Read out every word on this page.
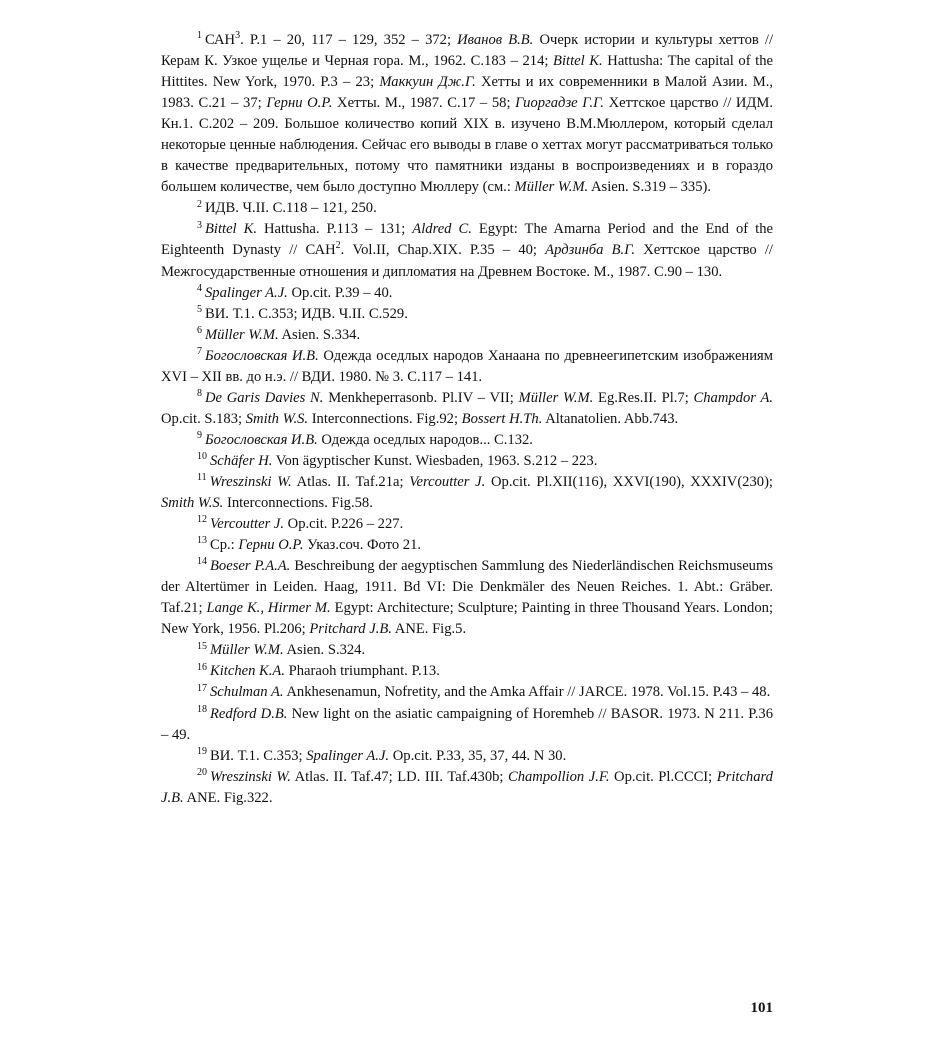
$^1$ САН$^3$. P.1 – 20, 117 – 129, 352 – 372; Иванов В.В. Очерк истории и культуры хеттов // Керам К. Узкое ущелье и Черная гора. М., 1962. С.183 – 214; Bittel K. Hattusha: The capital of the Hittites. New York, 1970. P.3 – 23; Маккуин Дж.Г. Хетты и их современники в Малой Азии. М., 1983. С.21 – 37; Герни О.Р. Хетты. М., 1987. С.17 – 58; Гиоргадзе Г.Г. Хеттское царство // ИДМ. Кн.1. С.202 – 209. Большое количество копий XIX в. изучено В.М.Мюллером, который сделал некоторые ценные наблюдения. Сейчас его выводы в главе о хеттах могут рассматриваться только в качестве предварительных, потому что памятники изданы в воспроизведениях и в гораздо большем количестве, чем было доступно Мюллеру (см.: Müller W.M. Asien. S.319 – 335).

$^2$ ИДВ. Ч.II. С.118 – 121, 250.

$^3$ Bittel K. Hattusha. P.113 – 131; Aldred C. Egypt: The Amarna Period and the End of the Eighteenth Dynasty // САН$^2$. Vol.II, Chap.XIX. P.35 – 40; Ардзинба В.Г. Хеттское царство // Межгосударственные отношения и дипломатия на Древнем Востоке. М., 1987. С.90 – 130.

$^4$ Spalinger A.J. Op.cit. P.39 – 40.

$^5$ ВИ. Т.1. С.353; ИДВ. Ч.II. С.529.

$^6$ Müller W.M. Asien. S.334.

$^7$ Богословская И.В. Одежда оседлых народов Ханаана по древнеегипетским изображениям XVI – XII вв. до н.э. // ВДИ. 1980. № 3. С.117 – 141.

$^8$ De Garis Davies N. Menkheperrasonb. Pl.IV – VII; Müller W.M. Eg.Res.II. Pl.7; Champdor A. Op.cit. S.183; Smith W.S. Interconnections. Fig.92; Bossert H.Th. Altanatolien. Abb.743.

$^9$ Богословская И.В. Одежда оседлых народов... С.132.

$^{10}$ Schäfer H. Von ägyptischer Kunst. Wiesbaden, 1963. S.212 – 223.

$^{11}$ Wreszinski W. Atlas. II. Taf.21a; Vercoutter J. Op.cit. Pl.XII(116), XXVI(190), XXXIV(230); Smith W.S. Interconnections. Fig.58.

$^{12}$ Vercoutter J. Op.cit. P.226 – 227.

$^{13}$ Ср.: Герни О.Р. Указ.соч. Фото 21.

$^{14}$ Boeser P.A.A. Beschreibung der aegyptischen Sammlung des Niederländischen Reichsmuseums der Altertümer in Leiden. Haag, 1911. Bd VI: Die Denkmäler des Neuen Reiches. 1. Abt.: Gräber. Taf.21; Lange K., Hirmer M. Egypt: Architecture; Sculpture; Painting in three Thousand Years. London; New York, 1956. Pl.206; Pritchard J.B. ANE. Fig.5.

$^{15}$ Müller W.M. Asien. S.324.

$^{16}$ Kitchen K.A. Pharaoh triumphant. P.13.

$^{17}$ Schulman A. Ankhesenamun, Nofretity, and the Amka Affair // JARCE. 1978. Vol.15. P.43 – 48.

$^{18}$ Redford D.B. New light on the asiatic campaigning of Horemheb // BASOR. 1973. N 211. P.36 – 49.

$^{19}$ ВИ. Т.1. С.353; Spalinger A.J. Op.cit. P.33, 35, 37, 44. N 30.

$^{20}$ Wreszinski W. Atlas. II. Taf.47; LD. III. Taf.430b; Champollion J.F. Op.cit. Pl.CCCI; Pritchard J.B. ANE. Fig.322.

101
